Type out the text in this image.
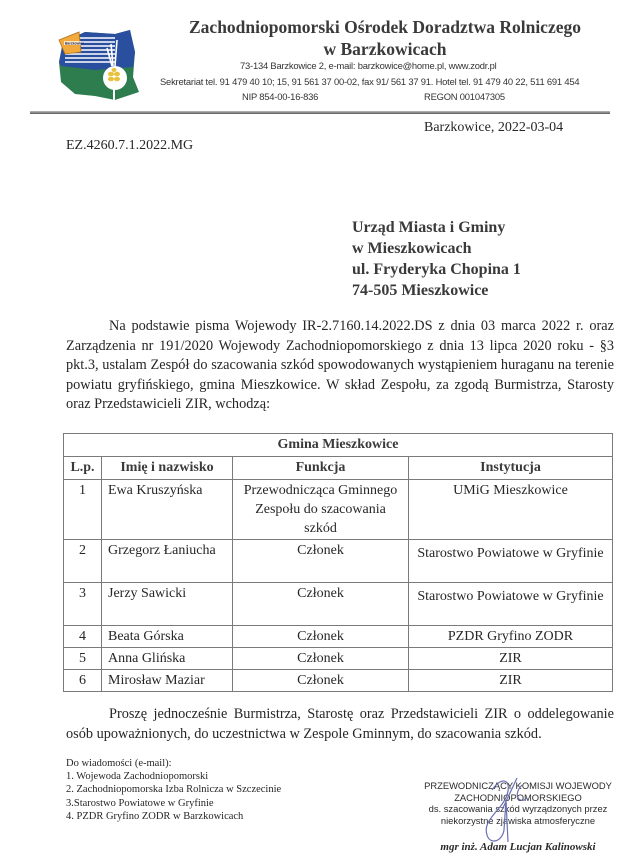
Barzkowice
Zachodniopomorski Ośrodek Doradztwa Rolniczego
w Barzkowicach
73-134 Barzkowice 2, e-mail: barzkowice@home.pl, www.zodr.pl
Sekretariat tel. 91 479 40 10; 15, 91 561 37 00-02, fax 91/ 561 37 91. Hotel tel. 91 479 40 22, 511 691 454
NIP 854-00-16-836	REGON 001047305
Barzkowice, 2022-03-04
EZ.4260.7.1.2022.MG
Urząd Miasta i Gminy
w Mieszkowicach
ul. Fryderyka Chopina 1
74-505 Mieszkowice

Na podstawie pisma Wojewody IR-2.7160.14.2022.DS z dnia 03 marca 2022 r. oraz Zarządzenia nr 191/2020 Wojewody Zachodniopomorskiego z dnia 13 lipca 2020 roku - §3 pkt.3, ustalam Zespół do szacowania szkód spowodowanych wystąpieniem huraganu na terenie powiatu gryfińskiego, gmina Mieszkowice. W skład Zespołu, za zgodą Burmistrza, Starosty oraz Przedstawicieli ZIR, wchodzą:

Gmina Mieszkowice			
L.p.	Imię i nazwisko	Funkcja	Instytucja
1	Ewa Kruszyńska	Przewodnicząca Gminnego Zespołu do szacowania szkód	UMiG Mieszkowice
2	Grzegorz Łaniucha	Członek	Starostwo Powiatowe w Gryfinie
3	Jerzy Sawicki	Członek	Starostwo Powiatowe w Gryfinie
4	Beata Górska	Członek	PZDR Gryfino ZODR
5	Anna Glińska	Członek	ZIR
6	Mirosław Maziar	Członek	ZIR

Proszę jednocześnie Burmistrza, Starostę oraz Przedstawicieli ZIR o oddelegowanie osób upoważnionych, do uczestnictwa w Zespole Gminnym, do szacowania szkód.

Do wiadomości (e-mail):
1. Wojewoda Zachodniopomorski
2. Zachodniopomorska Izba Rolnicza w Szczecinie
3.Starostwo Powiatowe w Gryfinie
4. PZDR Gryfino ZODR w Barzkowicach
PRZEWODNICZĄCY KOMISJI WOJEWODY
ZACHODNIOPOMORSKIEGO
ds. szacowania szkód wyrządzonych przez
niekorzystne zjawiska atmosferyczne
mgr inż. Adam Lucjan Kalinowski
